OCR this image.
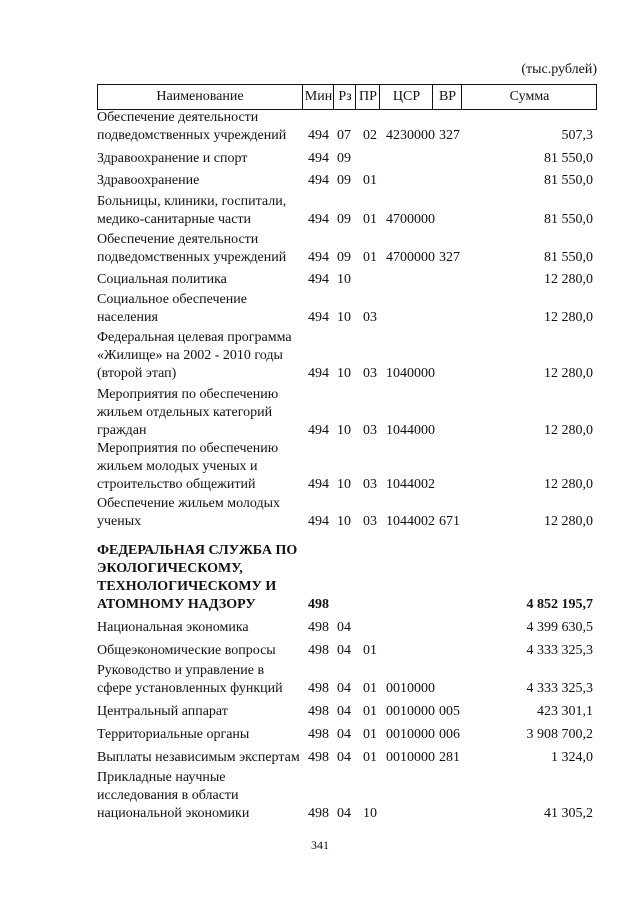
(тыс.рублей)
Наименование	Мин Рз ПР	ЦСР	ВР	Сумма
Обеспечение деятельности
подведомственных учреждений	494 07 02 4230000 327	507,3
Здравоохранение и спорт	494 09	81 550,0
Здравоохранение	494 09 01	81 550,0
Больницы, клиники, госпитали,
медико-санитарные части	494 09 01 4700000	81 550,0
Обеспечение деятельности
подведомственных учреждений	494 09 01 4700000 327	81 550,0
Социальная политика	494 10	12 280,0
Социальное обеспечение
населения	494 10 03	12 280,0
Федеральная целевая программа
«Жилище» на 2002 - 2010 годы
(второй этап)	494 10 03 1040000	12 280,0
Мероприятия по обеспечению
жильем отдельных категорий
граждан	494 10 03 1044000	12 280,0
Мероприятия по обеспечению
жильем молодых ученых и
строительство общежитий	494 10 03 1044002	12 280,0
Обеспечение жильем молодых
ученых	494 10 03 1044002 671	12 280,0
ФЕДЕРАЛЬНАЯ СЛУЖБА ПО
ЭКОЛОГИЧЕСКОМУ,
ТЕХНОЛОГИЧЕСКОМУ И
АТОМНОМУ НАДЗОРУ	498	4 852 195,7
Национальная экономика	498 04	4 399 630,5
Общеэкономические вопросы	498 04 01	4 333 325,3
Руководство и управление в
сфере установленных функций	498 04 01 0010000	4 333 325,3
Центральный аппарат	498 04 01 0010000 005	423 301,1
Территориальные органы	498 04 01 0010000 006	3 908 700,2
Выплаты независимым экспертам 498 04 01 0010000 281	1 324,0
Прикладные научные
исследования в области
национальной экономики	498 04 10	41 305,2
341
